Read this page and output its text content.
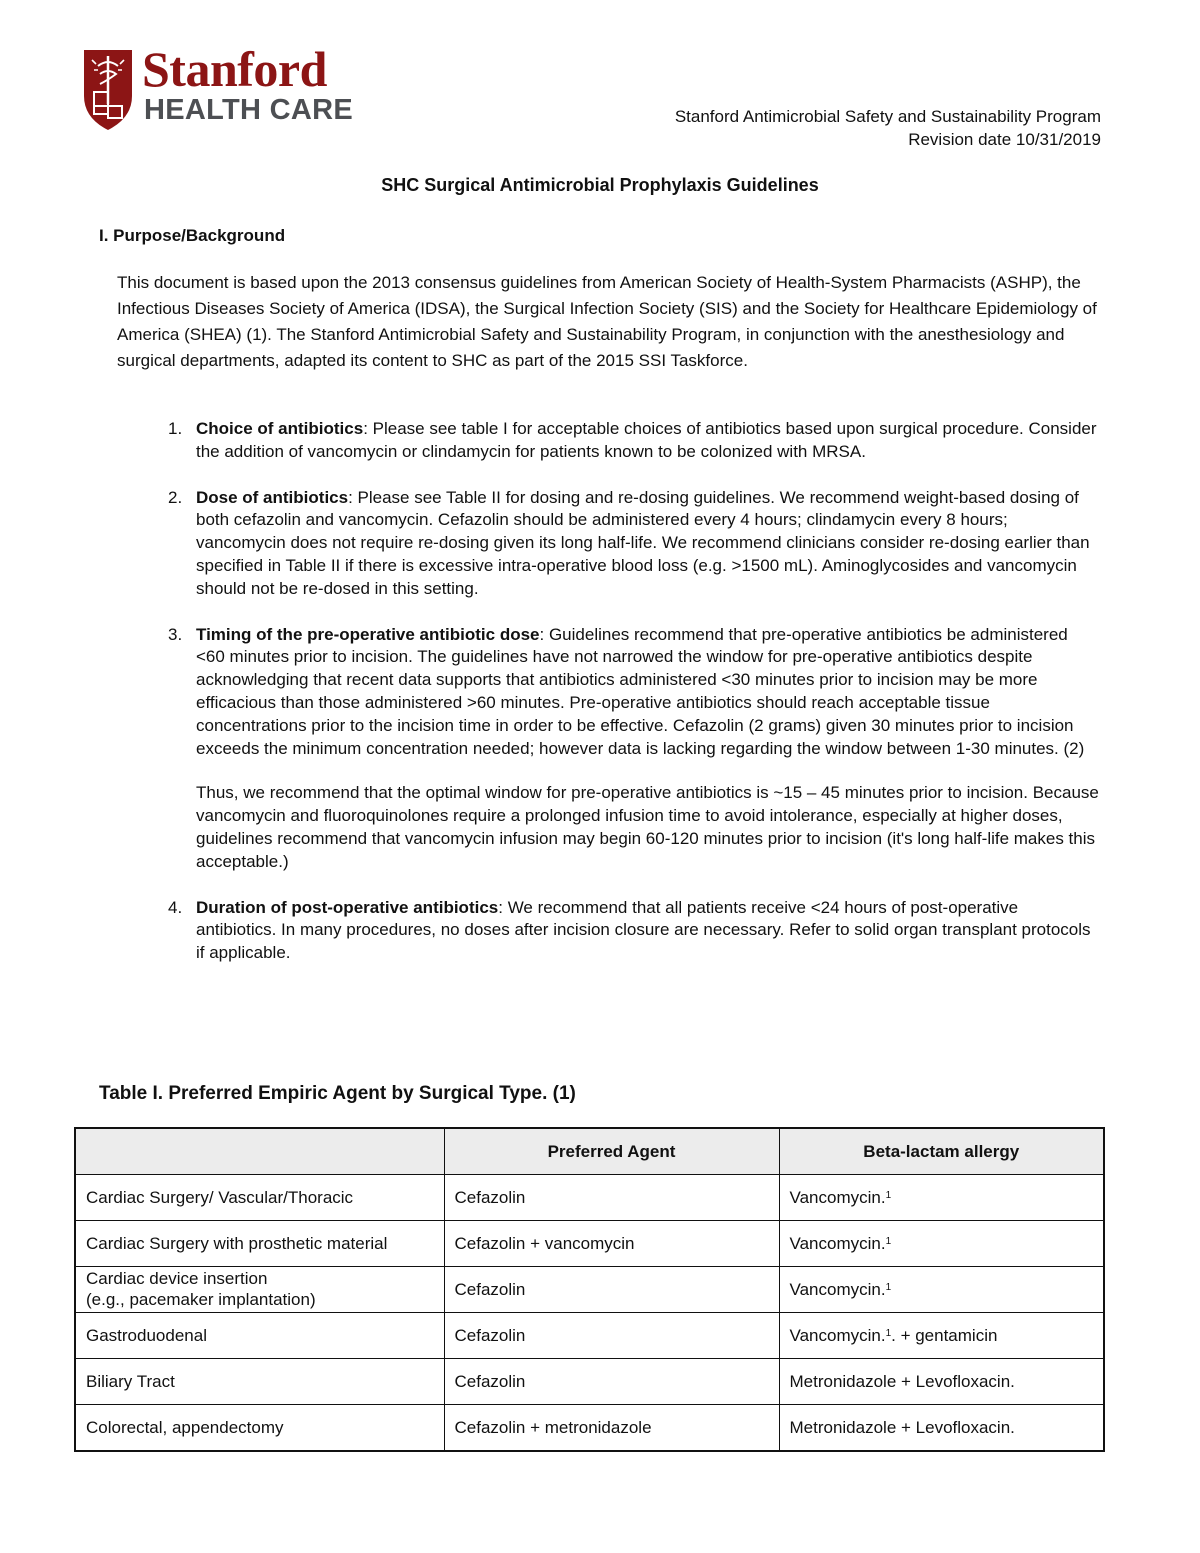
Stanford
HEALTH CARE	Stanford Antimicrobial Safety and Sustainability Program
Revision date 10/31/2019
SHC Surgical Antimicrobial Prophylaxis Guidelines
I. Purpose/Background

This document is based upon the 2013 consensus guidelines from American Society of Health-System Pharmacists (ASHP), the Infectious Diseases Society of America (IDSA), the Surgical Infection Society (SIS) and the Society for Healthcare Epidemiology of America (SHEA) (1). The Stanford Antimicrobial Safety and Sustainability Program, in conjunction with the anesthesiology and surgical departments, adapted its content to SHC as part of the 2015 SSI Taskforce.

1. Choice of antibiotics: Please see table I for acceptable choices of antibiotics based upon surgical procedure. Consider the addition of vancomycin or clindamycin for patients known to be colonized with MRSA.

2. Dose of antibiotics: Please see Table II for dosing and re-dosing guidelines. We recommend weight-based dosing of both cefazolin and vancomycin. Cefazolin should be administered every 4 hours; clindamycin every 8 hours; vancomycin does not require re-dosing given its long half-life. We recommend clinicians consider re-dosing earlier than specified in Table II if there is excessive intra-operative blood loss (e.g. >1500 mL). Aminoglycosides and vancomycin should not be re-dosed in this setting.

3. Timing of the pre-operative antibiotic dose: Guidelines recommend that pre-operative antibiotics be administered <60 minutes prior to incision. The guidelines have not narrowed the window for pre-operative antibiotics despite acknowledging that recent data supports that antibiotics administered <30 minutes prior to incision may be more efficacious than those administered >60 minutes. Pre-operative antibiotics should reach acceptable tissue concentrations prior to the incision time in order to be effective. Cefazolin (2 grams) given 30 minutes prior to incision exceeds the minimum concentration needed; however data is lacking regarding the window between 1-30 minutes. (2)

Thus, we recommend that the optimal window for pre-operative antibiotics is ~15 – 45 minutes prior to incision. Because vancomycin and fluoroquinolones require a prolonged infusion time to avoid intolerance, especially at higher doses, guidelines recommend that vancomycin infusion may begin 60-120 minutes prior to incision (it's long half-life makes this acceptable.)

4. Duration of post-operative antibiotics: We recommend that all patients receive <24 hours of post-operative antibiotics. In many procedures, no doses after incision closure are necessary. Refer to solid organ transplant protocols if applicable.

Table I. Preferred Empiric Agent by Surgical Type. (1)
	Preferred Agent	Beta-lactam allergy
Cardiac Surgery/ Vascular/Thoracic	Cefazolin	Vancomycin.$^1$
Cardiac Surgery with prosthetic material	Cefazolin + vancomycin	Vancomycin.$^1$

Cardiac device insertion
(e.g., pacemaker implantation)	Cefazolin	Vancomycin.$^1$
Gastroduodenal	Cefazolin	Vancomycin.$^1$. + gentamicin
Biliary Tract	Cefazolin	Metronidazole + Levofloxacin.
Colorectal, appendectomy	Cefazolin + metronidazole	Metronidazole + Levofloxacin.
